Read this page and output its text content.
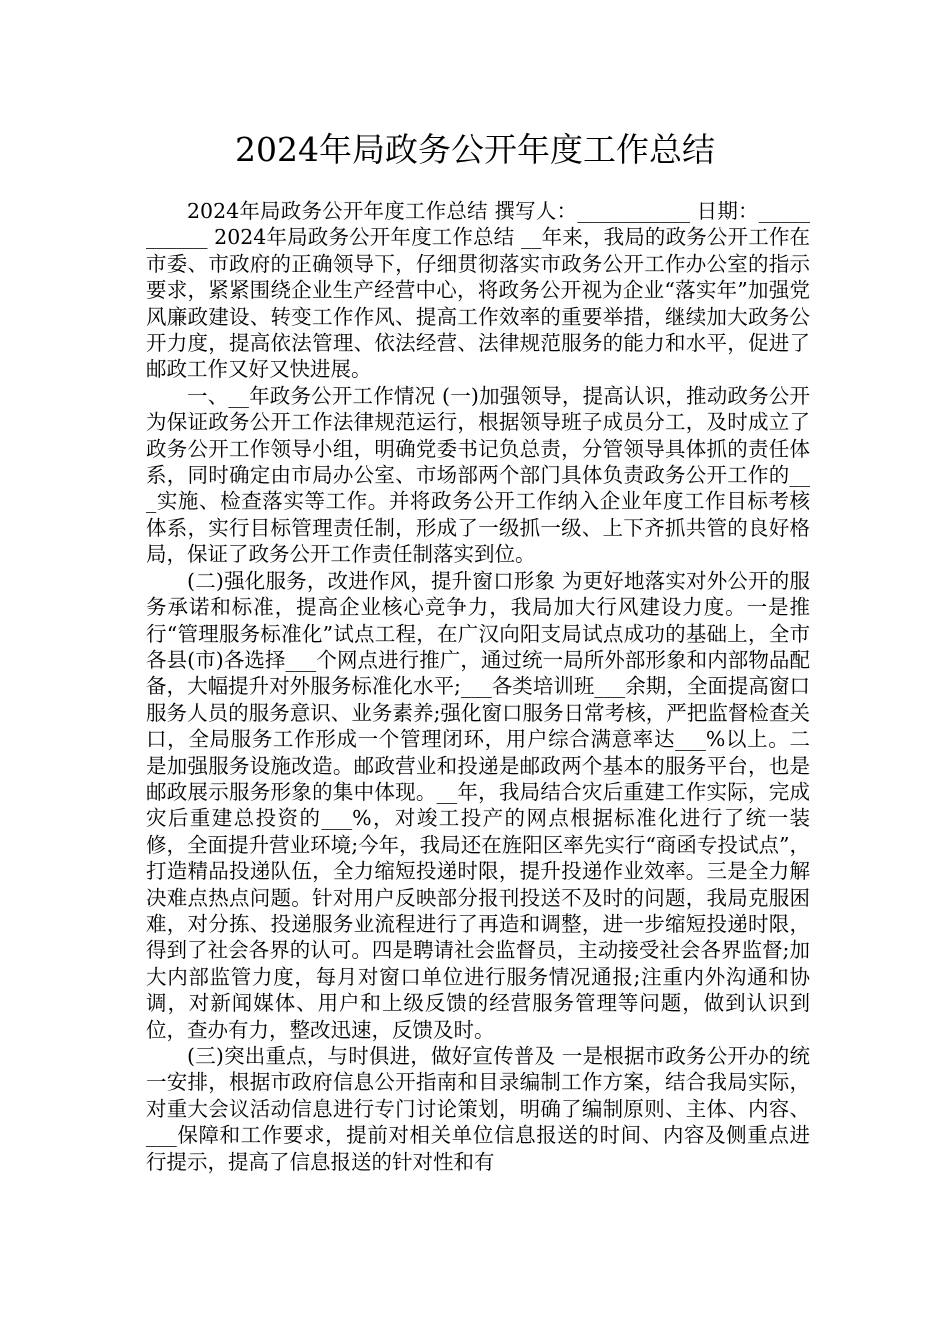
2024年局政务公开年度工作总结

2024年局政务公开年度工作总结 撰写人：___________ 日期：___________ 2024年局政务公开年度工作总结 __年来，我局的政务公开工作在市委、市政府的正确领导下，仔细贯彻落实市政务公开工作办公室的指示要求，紧紧围绕企业生产经营中心，将政务公开视为企业“落实年”加强党风廉政建设、转变工作作风、提高工作效率的重要举措，继续加大政务公开力度，提高依法管理、依法经营、法律规范服务的能力和水平，促进了邮政工作又好又快进展。

一、__年政务公开工作情况 (一)加强领导，提高认识，推动政务公开 为保证政务公开工作法律规范运行，根据领导班子成员分工，及时成立了政务公开工作领导小组，明确党委书记负总责，分管领导具体抓的责任体系，同时确定由市局办公室、市场部两个部门具体负责政务公开工作的___实施、检查落实等工作。并将政务公开工作纳入企业年度工作目标考核体系，实行目标管理责任制，形成了一级抓一级、上下齐抓共管的良好格局，保证了政务公开工作责任制落实到位。

(二)强化服务，改进作风，提升窗口形象 为更好地落实对外公开的服务承诺和标准，提高企业核心竞争力，我局加大行风建设力度。一是推行“管理服务标准化”试点工程，在广汉向阳支局试点成功的基础上，全市各县(市)各选择___个网点进行推广，通过统一局所外部形象和内部物品配备，大幅提升对外服务标准化水平;___各类培训班___余期，全面提高窗口服务人员的服务意识、业务素养;强化窗口服务日常考核，严把监督检查关口，全局服务工作形成一个管理闭环，用户综合满意率达___%以上。二是加强服务设施改造。邮政营业和投递是邮政两个基本的服务平台，也是邮政展示服务形象的集中体现。__年，我局结合灾后重建工作实际，完成灾后重建总投资的___%，对竣工投产的网点根据标准化进行了统一装修，全面提升营业环境;今年，我局还在旌阳区率先实行“商函专投试点”，打造精品投递队伍，全力缩短投递时限，提升投递作业效率。三是全力解决难点热点问题。针对用户反映部分报刊投送不及时的问题，我局克服困难，对分拣、投递服务业流程进行了再造和调整，进一步缩短投递时限，得到了社会各界的认可。四是聘请社会监督员，主动接受社会各界监督;加大内部监管力度，每月对窗口单位进行服务情况通报;注重内外沟通和协调，对新闻媒体、用户和上级反馈的经营服务管理等问题，做到认识到位，查办有力，整改迅速，反馈及时。

(三)突出重点，与时俱进，做好宣传普及 一是根据市政务公开办的统一安排，根据市政府信息公开指南和目录编制工作方案，结合我局实际，对重大会议活动信息进行专门讨论策划，明确了编制原则、主体、内容、___保障和工作要求，提前对相关单位信息报送的时间、内容及侧重点进行提示，提高了信息报送的针对性和有
